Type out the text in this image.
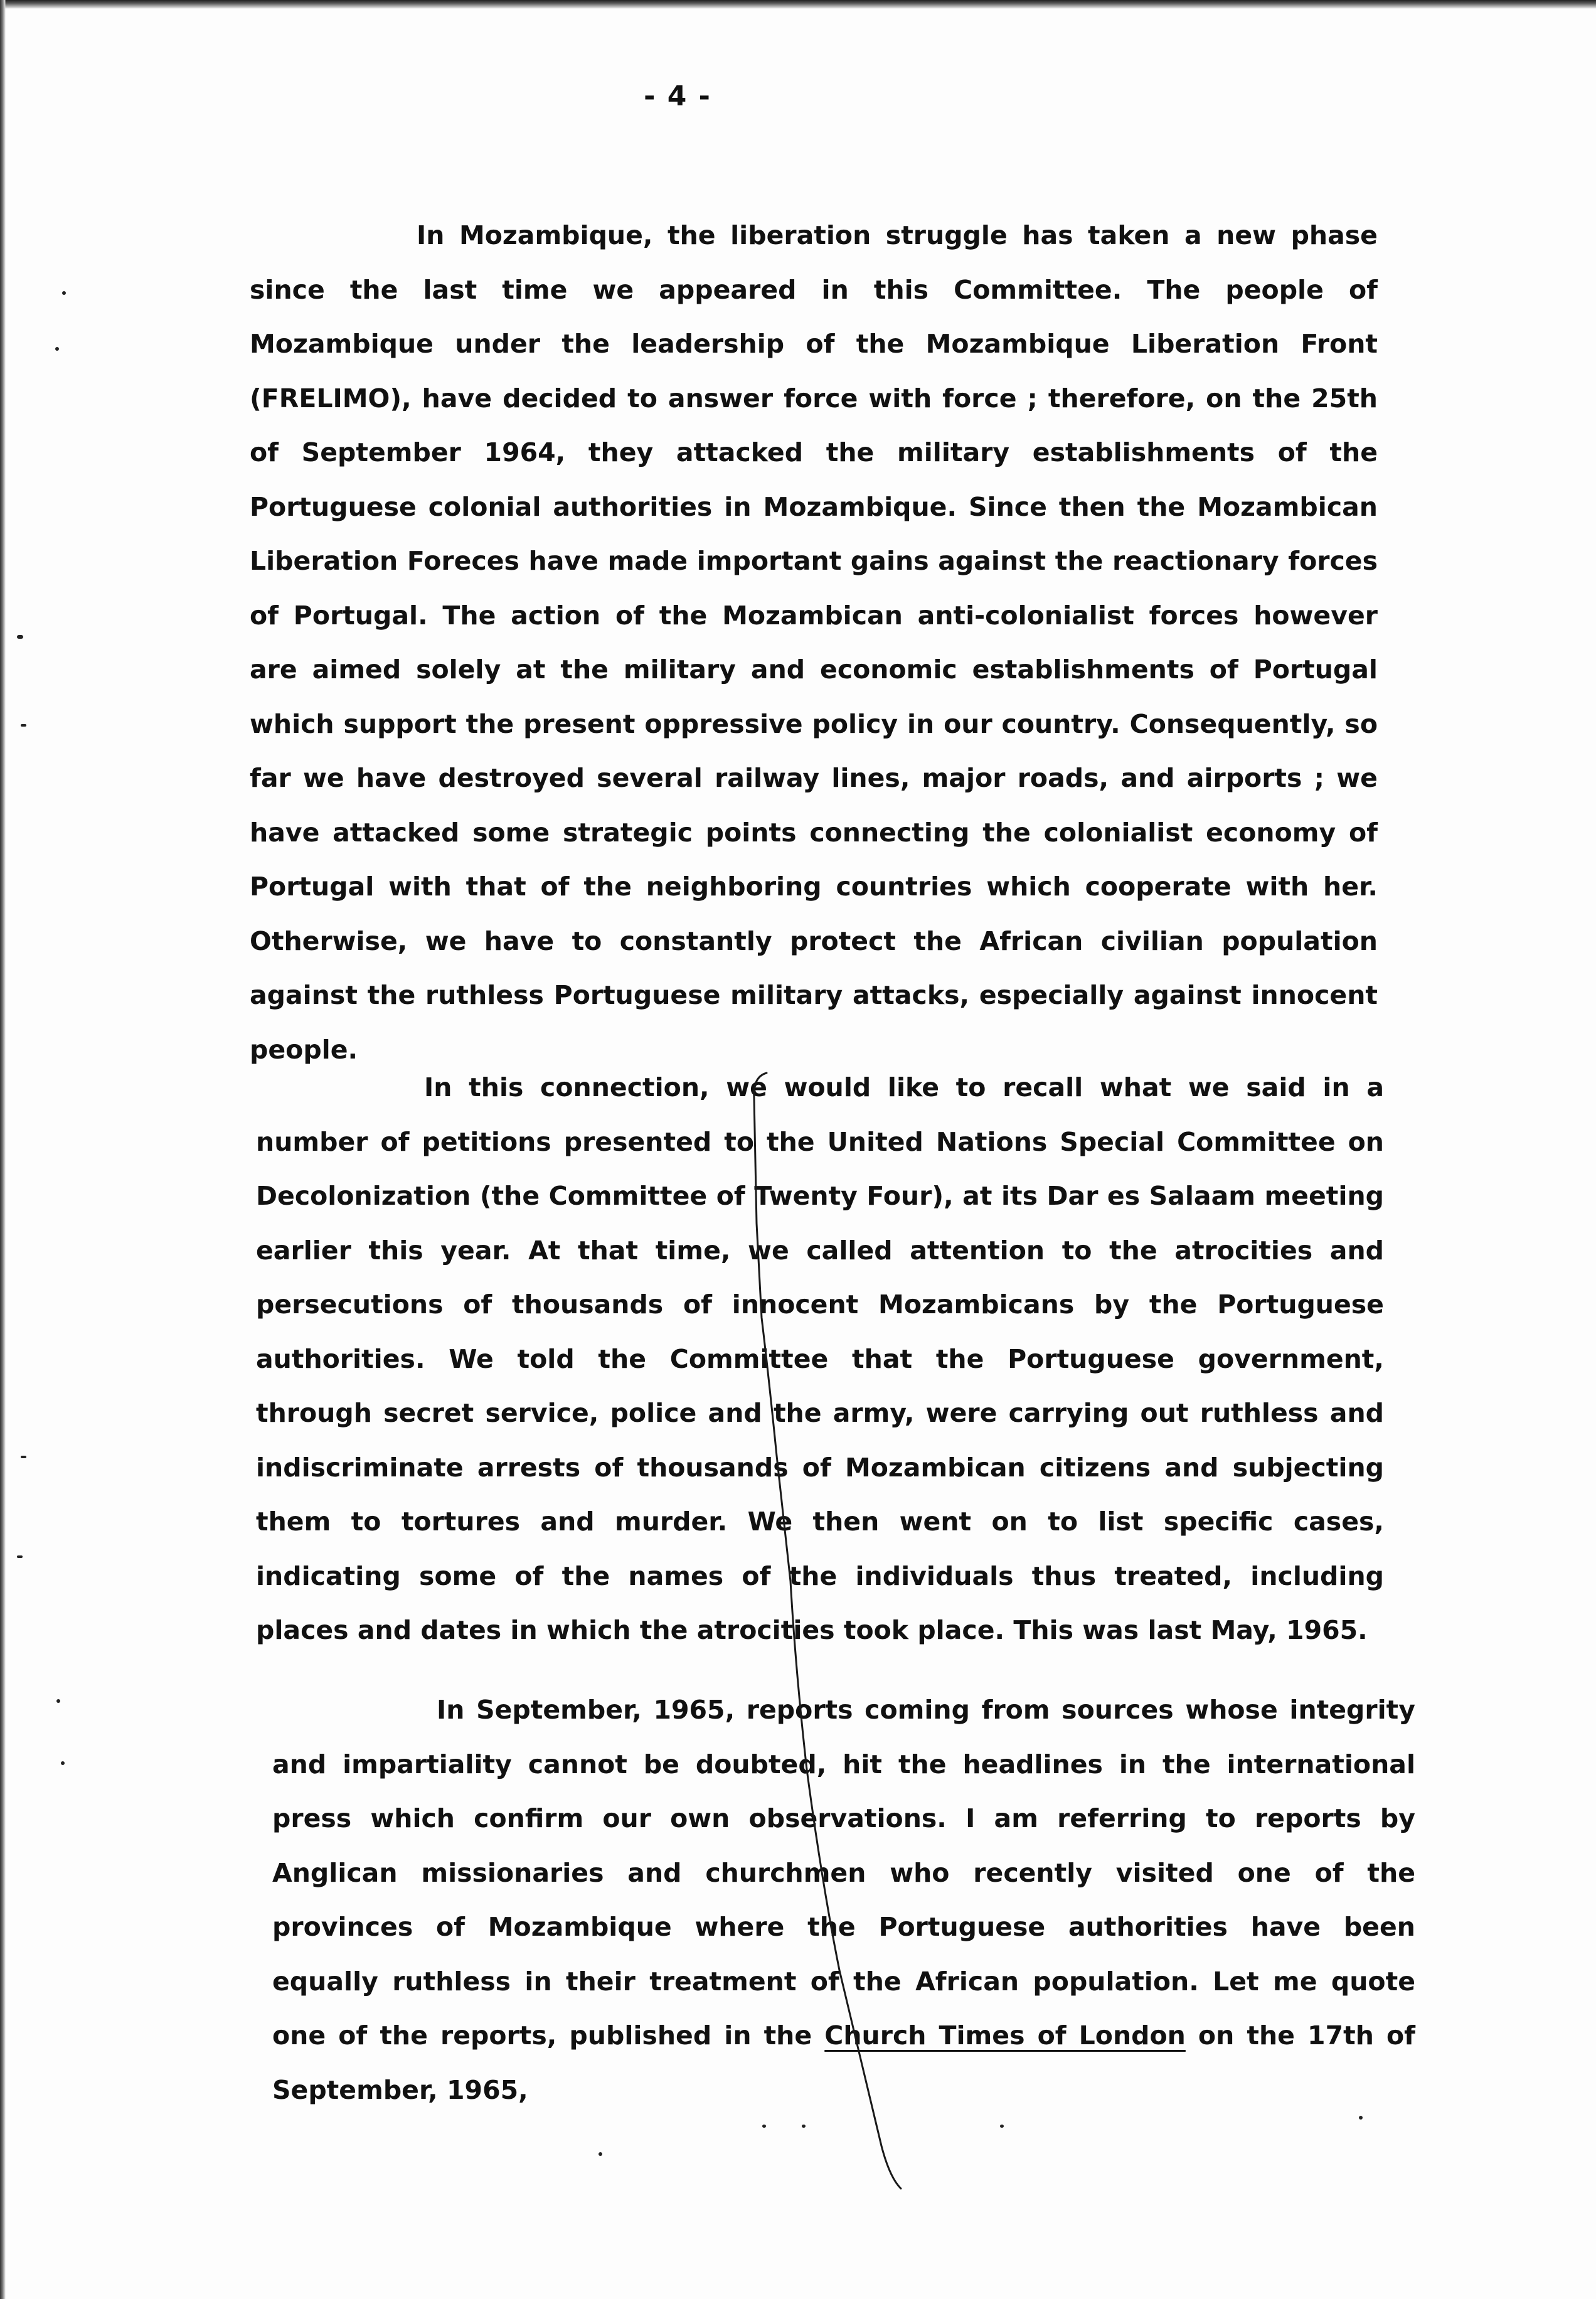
- 4 -
In Mozambique, the liberation struggle has taken a new phase since the last time we appeared in this Committee. The people of Mozambique under the leadership of the Mozambique Liberation Front (FRELIMO), have decided to answer force with force ; therefore, on the 25th of September 1964, they attacked the military establishments of the Portuguese colonial authorities in Mozambique. Since then the Mozambican Liberation Foreces have made important gains against the reactionary forces of Portugal. The action of the Mozambican anti-colonialist forces however are aimed solely at the military and economic establishments of Portugal which support the present oppressive policy in our country. Consequently, so far we have destroyed several railway lines, major roads, and airports ; we have attacked some strategic points connecting the colonialist economy of Portugal with that of the neighboring countries which cooperate with her. Otherwise, we have to constantly protect the African civilian population against the ruthless Portuguese military attacks, especially against innocent people.
In this connection, we would like to recall what we said in a number of petitions presented to the United Nations Special Committee on Decolonization (the Committee of Twenty Four), at its Dar es Salaam meeting earlier this year. At that time, we called attention to the atrocities and persecutions of thousands of innocent Mozambicans by the Portuguese authorities. We told the Committee that the Portuguese government, through secret service, police and the army, were carrying out ruthless and indiscriminate arrests of thousands of Mozambican citizens and subjecting them to tortures and murder. We then went on to list specific cases, indicating some of the names of the individuals thus treated, including places and dates in which the atrocities took place. This was last May, 1965.
In September, 1965, reports coming from sources whose integrity and impartiality cannot be doubted, hit the headlines in the international press which confirm our own observations. I am referring to reports by Anglican missionaries and churchmen who recently visited one of the provinces of Mozambique where the Portuguese authorities have been equally ruthless in their treatment of the African population. Let me quote one of the reports, published in the Church Times of London on the 17th of September, 1965,
